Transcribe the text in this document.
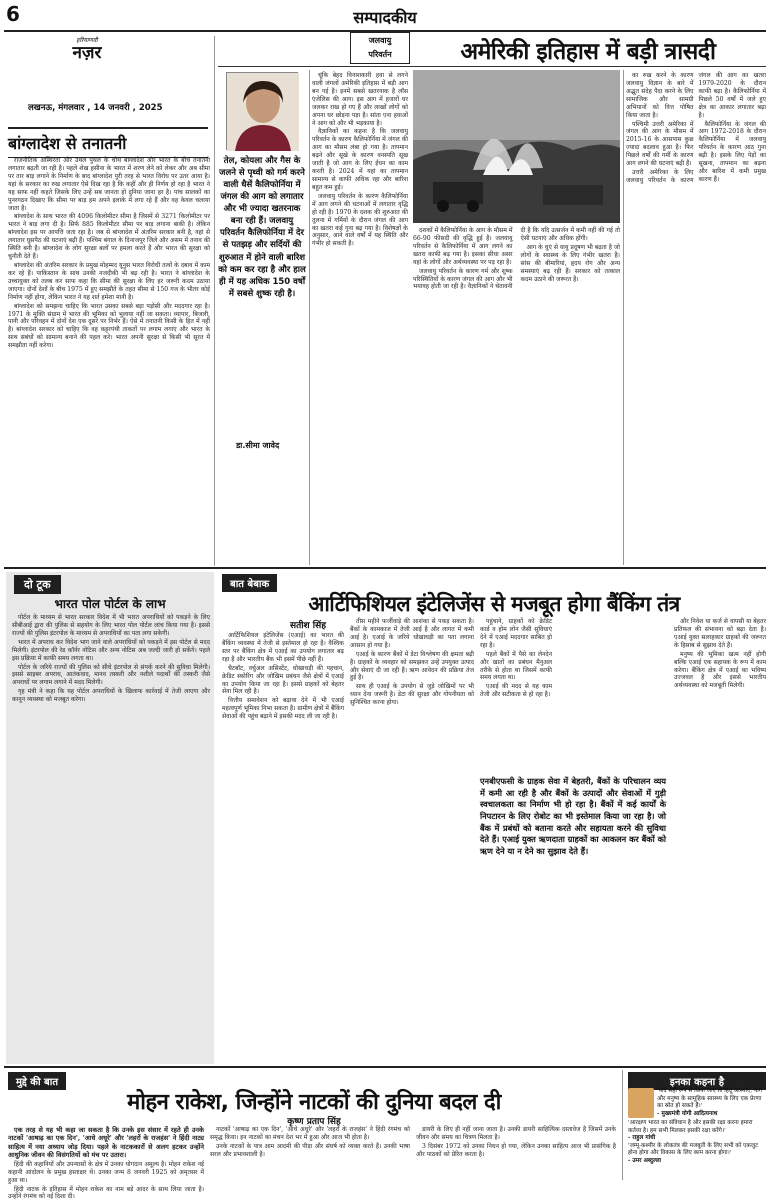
6	सम्पादकीय
हरियाणवी
नज़र
लखनऊ, मंगलवार , 14 जनवरी , 2025
बांग्लादेश से तनातनी

राजनीतिक अस्थिरता और उथल पुथल के चौथ बांग्लादेश और भारत के बीच तनातनी लगातार बढ़ती जा रही है। पहले शेख हसीना के भारत में शरण लेने को लेकर और अब सीमा पर तार बाड़ लगाने के निर्माण के बाद बांग्लादेश पुरी तरह से भारत विरोध पर उतर आया है। यहां के सरकार का रुख लगातार ऐसे दिख रहा है कि कहीं और ही निर्णय हो रहा है भारत ने यह साफ नहीं कहते जिसके लिए उन्हें सब जानता हो दुनिया जाना हर है। पांच सालकों का पुनरगठन दिखाए कि सीमा पर बाड़ हम अपने इलाके में लगा रहे हैं और वह केवल चलाया जाता है।

बांग्लादेश के साथ भारत की 4096 किलोमीटर सीमा है जिसमें से 3271 किलोमीटर पर भारत ने बाड़ लगा दी है। सिर्फ 885 किलोमीटर सीमा पर बाड़ लगाना बाकी है। लेकिन बांग्लादेश इस पर आपत्ति जता रहा है। जब से बांग्लादेश में अंतरिम सरकार बनी है, वहां से लगातार घुसपैठ की घटनाएं बढ़ी हैं। पश्चिम बंगाल के दिनाजपुर जिले और असम में तनाव की स्थिति बनी है। बांग्लादेश के लोग सुरक्षा बलों पर हमला करते हैं और भारत की सुरक्षा को चुनौती देते हैं।

बांग्लादेश की अंतरिम सरकार के प्रमुख मोहम्मद यूनुस भारत विरोधी तत्वों के दबाव में काम कर रहे हैं। पाकिस्तान के साथ उनकी नजदीकी भी बढ़ रही है। भारत ने बांग्लादेश के उच्चायुक्त को तलब कर साफ कहा कि सीमा की सुरक्षा के लिए हर जरूरी कदम उठाया जाएगा। दोनों देशों के बीच 1975 में हुए समझौते के तहत सीमा से 150 गज के भीतर कोई निर्माण नहीं होगा, लेकिन भारत ने यह शर्त हमेशा मानी है।

बांग्लादेश को समझना चाहिए कि भारत उसका सबसे बड़ा पड़ोसी और मददगार रहा है। 1971 के मुक्ति संग्राम में भारत की भूमिका को भुलाया नहीं जा सकता। व्यापार, बिजली, पानी और परिवहन में दोनों देश एक दूसरे पर निर्भर हैं। ऐसे में तनातनी किसी के हित में नहीं है। बांग्लादेश सरकार को चाहिए कि वह कट्टरपंथी ताकतों पर लगाम लगाए और भारत के साथ संबंधों को सामान्य बनाने की पहल करे। भारत अपनी सुरक्षा से किसी भी सूरत में समझौता नहीं करेगा।

जलवायु
परिवर्तन	अमेरिकी इतिहास में बड़ी त्रासदी
तेल, कोयला और गैस के जलने से पृथ्वी को गर्म करने वाली धैसें कैलिफोर्निया में जंगल की आग को लगातार और भी ज्यादा खतरनाक बना रही हैं। जलवायु परिवर्तन कैलिफोर्निया में देर से पतझड़ और सर्दियों की शुरुआत में होने वाली बारिश को कम कर रहा है और हाल ही में यह अधिक 150 वर्षों में सबसे शुष्क रही है।
डा.सीमा जावेद

चूंकि बेहद विनाशकारी हवा से लगने वाली जंगलों अमेरिकी इतिहास में बड़ी आग बन गई है। इनमें सबसे खतरनाक है लॉस एंजेलिस की आग। इस आग में हजारों घर जलकर राख हो गए हैं और लाखों लोगों को अपना घर छोड़ना पड़ा है। सांता एना हवाओं ने आग को और भी भड़काया है।

वैज्ञानिकों का कहना है कि जलवायु परिवर्तन के कारण कैलिफोर्निया में जंगल की आग का मौसम लंबा हो गया है। तापमान बढ़ने और सूखे के कारण वनस्पति सूख जाती है जो आग के लिए ईंधन का काम करती है। 2024 में यहां का तापमान सामान्य से काफी अधिक रहा और बारिश बहुत कम हुई।

जलवायु परिवर्तन के कारण कैलिफोर्निया में आग लगने की घटनाओं में लगातार वृद्धि हो रही है। 1970 के दशक की शुरुआत की तुलना में गर्मियों के दौरान जंगल की आग का खतरा कई गुना बढ़ गया है। विशेषज्ञों के अनुसार, आने वाले वर्षों में यह स्थिति और गंभीर हो सकती है।

दशकों में कैलिफोर्निया के आग के मौसम में 66-90 फीसदी की वृद्धि हुई है। जलवायु परिवर्तन से कैलिफोर्निया में आग लगने का खतरा काफी बढ़ गया है। इसका सीधा असर वहां के लोगों और अर्थव्यवस्था पर पड़ रहा है।

जलवायु परिवर्तन के कारण गर्म और शुष्क परिस्थितियों के कारण जंगल की आग और भी भयावह होती जा रही है। वैज्ञानिकों ने चेतावनी दी है कि यदि उत्सर्जन में कमी नहीं की गई तो ऐसी घटनाएं और अधिक होंगी।

आग के धुएं से वायु प्रदूषण भी बढ़ता है जो लोगों के स्वास्थ्य के लिए गंभीर खतरा है। सांस की बीमारियां, हृदय रोग और अन्य समस्याएं बढ़ रही हैं। सरकार को तत्काल कदम उठाने की जरूरत है।

का रुख करने के कारण जलवायु विज्ञान के बारे में अद्भुत संदेह पैदा करने के लिए सामाजिक और सामग्री अभियानों को वित्त पोषित किया जाता है।

पश्चिमी उत्तरी अमेरिका में जंगल की आग के मौसम में 2015-16 के आसपास कुछ ज्यादा बदलाव हुआ है। फिर पिछले वर्षों की गर्मी के कारण आग लगने की घटनाएं बढ़ी हैं।

उत्तरी अमेरिका के लिए जलवायु परिवर्तन के कारण जंगल की आग का खतरा 1979-2020 के दौरान काफी बढ़ा है। कैलिफोर्निया में पिछले 50 वर्षों में जले हुए क्षेत्र का आकार लगातार बढ़ा है।

कैलिफोर्निया के जंगल की आग 1972-2018 के दौरान कैलिफोर्निया में जलवायु परिवर्तन के कारण आठ गुना बढ़ी है। इसके लिए पेड़ों का सूखना, तापमान का बढ़ना और बारिश में कमी प्रमुख कारण हैं।

दो टूक
भारत पोल पोर्टल के लाभ

पोर्टल के माध्यम से भारत सरकार विदेश में भी भारत अपराधियों को पकड़ने के लिए सीबीआई द्वारा की पुलिस से सहयोग के लिए भारत पोल पोर्टल लांच किया गया है। इससे राज्यों की पुलिस इंटरपोल के माध्यम से अपराधियों का पता लगा सकेगी।

भारत में अपराध कर विदेश भाग जाने वाले अपराधियों को पकड़ने में इस पोर्टल से मदद मिलेगी। इंटरपोल की रेड कॉर्नर नोटिस और अन्य नोटिस अब जल्दी जारी हो सकेंगे। पहले इस प्रक्रिया में काफी समय लगता था।

पोर्टल के जरिये राज्यों की पुलिस को सीधे इंटरपोल से संपर्क करने की सुविधा मिलेगी। इससे साइबर अपराध, आतंकवाद, मानव तस्करी और नशीले पदार्थों की तस्करी जैसे अपराधों पर लगाम लगाने में मदद मिलेगी।

गृह मंत्री ने कहा कि यह पोर्टल अपराधियों के खिलाफ कार्रवाई में तेजी लाएगा और कानून व्यवस्था को मजबूत करेगा।

बात बेबाक
आर्टिफिशियल इंटेलिजेंस से मजबूत होगा बैंकिंग तंत्र
सतीश सिंह

आर्टिफिशियल इंटेलिजेंस (एआई) का भारत की बैंकिंग व्यवस्था में तेजी से इस्तेमाल हो रहा है। वैश्विक स्तर पर बैंकिंग क्षेत्र में एआई का उपयोग लगातार बढ़ रहा है और भारतीय बैंक भी इसमें पीछे नहीं हैं।

चैटबॉट, वर्चुअल असिस्टेंट, धोखाधड़ी की पहचान, क्रेडिट स्कोरिंग और जोखिम प्रबंधन जैसे क्षेत्रों में एआई का उपयोग किया जा रहा है। इससे ग्राहकों को बेहतर सेवा मिल रही है।

वित्तीय समावेशन को बढ़ावा देने में भी एआई महत्वपूर्ण भूमिका निभा सकता है। ग्रामीण क्षेत्रों में बैंकिंग सेवाओं की पहुंच बढ़ाने में इसकी मदद ली जा रही है।

तीस महीने फर्जीवाड़े की आशंका से पकड़ सकता है। बैंकों के कामकाज में तेजी आई है और लागत में कमी आई है। एआई के जरिये धोखाधड़ी का पता लगाना आसान हो गया है।

एआई के कारण बैंकों में डेटा विश्लेषण की क्षमता बढ़ी है। ग्राहकों के व्यवहार को समझकर उन्हें उपयुक्त उत्पाद और सेवाएं दी जा रही हैं। ऋण आवेदन की प्रक्रिया तेज हुई है।

साथ ही एआई के उपयोग से जुड़े जोखिमों पर भी ध्यान देना जरूरी है। डेटा की सुरक्षा और गोपनीयता को सुनिश्चित करना होगा।

पहुंचाने, ग्राहकों को क्रेडिट कार्ड व होम लोन जैसी सुविधाएं देने में एआई मददगार साबित हो रहा है।

पहले बैंकों में पैसे का लेनदेन और खातों का प्रबंधन मैनुअल तरीके से होता था जिसमें काफी समय लगता था।

एआई की मदद से यह काम तेजी और सटीकता से हो रहा है।

एनबीएफसी के ग्राहक सेवा में बेहतरी, बैंकों के परिचालन व्यय में कमी आ रही है और बैंकों के उत्पादों और सेवाओं में गुड़ी स्वचालकता का निर्माण भी हो रहा है। बैंकों में कई कार्यों के निपटारन के लिए रोबोट का भी इस्तेमाल किया जा रहा है। जो बैंक में प्रबंधों को बताना करते और सहायता करने की सुविधा देते हैं। एआई युक्त ऋणदाता ग्राहकों का आकलन कर बैंकों को ऋण देने या न देने का सुझाव देते हैं।

और निवेश या कर्ज से वापसी या बेहतर प्रतिफल की संभावना को बढ़ा देता है। एआई युक्त सलाहकार ग्राहकों की जरूरत के हिसाब से सुझाव देते हैं।

मनुष्य की भूमिका खत्म नहीं होगी बल्कि एआई एक सहायक के रूप में काम करेगा। बैंकिंग क्षेत्र में एआई का भविष्य उज्जवल है और इससे भारतीय अर्थव्यवस्था को मजबूती मिलेगी।

मुद्दे की बात
मोहन राकेश, जिन्होंने नाटकों की दुनिया बदल दी
कृष्ण प्रताप सिंह

एक तरह से यह भी कहा जा सकता है कि उनके इस संसार में रहते ही उनके नाटकों 'आषाढ़ का एक दिन', 'आधे अधूरे' और 'लहरों के राजहंस' ने हिंदी नाट्य साहित्य में नया अध्याय जोड़ दिया। पहले के नाटककारों से अलग हटकर उन्होंने आधुनिक जीवन की विसंगतियों को मंच पर उतारा।

हिंदी की कहानियों और उपन्यासों के क्षेत्र में उनका योगदान अमूल्य है। मोहन राकेश नई कहानी आंदोलन के प्रमुख हस्ताक्षर थे। उनका जन्म 8 जनवरी 1925 को अमृतसर में हुआ था।

हिंदी नाटक के इतिहास में मोहन राकेश का नाम बड़े आदर के साथ लिया जाता है। उन्होंने रंगमंच को नई दिशा दी।

नाटकों 'आषाढ़ का एक दिन', 'आधे अधूरे' और 'लहरों के राजहंस' ने हिंदी रंगमंच को समृद्ध किया। इन नाटकों का मंचन देश भर में हुआ और आज भी होता है।

उनके नाटकों के पात्र आम आदमी की पीड़ा और संघर्ष को व्यक्त करते हैं। उनकी भाषा सरल और प्रभावशाली है।

डायरी के लिए ही नहीं जाना जाता है। उनकी डायरी साहित्यिक दस्तावेज है जिसमें उनके जीवन और समय का चित्रण मिलता है।

3 दिसंबर 1972 को उनका निधन हो गया, लेकिन उनका साहित्य आज भी प्रासंगिक है और पाठकों को प्रेरित करता है।

इनका कहना है
'यदि सही रूप से किया जाए तो हिंदू आस्थाएं, योग और मनुष्य के सामूहिक स्वास्थ्य के लिए एक प्रेरणा का स्रोत हो सकते हैं।'
- मुख्यमंत्री योगी आदित्यनाथ
'आरक्षण भारत का संविधान है और इसकी रक्षा करना हमारा कर्तव्य है। हम सभी मिलकर इसकी रक्षा करेंगे।'
- राहुल गांधी
'जम्मू-कश्मीर के लोकतंत्र की मजबूती के लिए सभी को एकजुट होना होगा और विकास के लिए काम करना होगा।'
- उमर अब्दुल्ला
